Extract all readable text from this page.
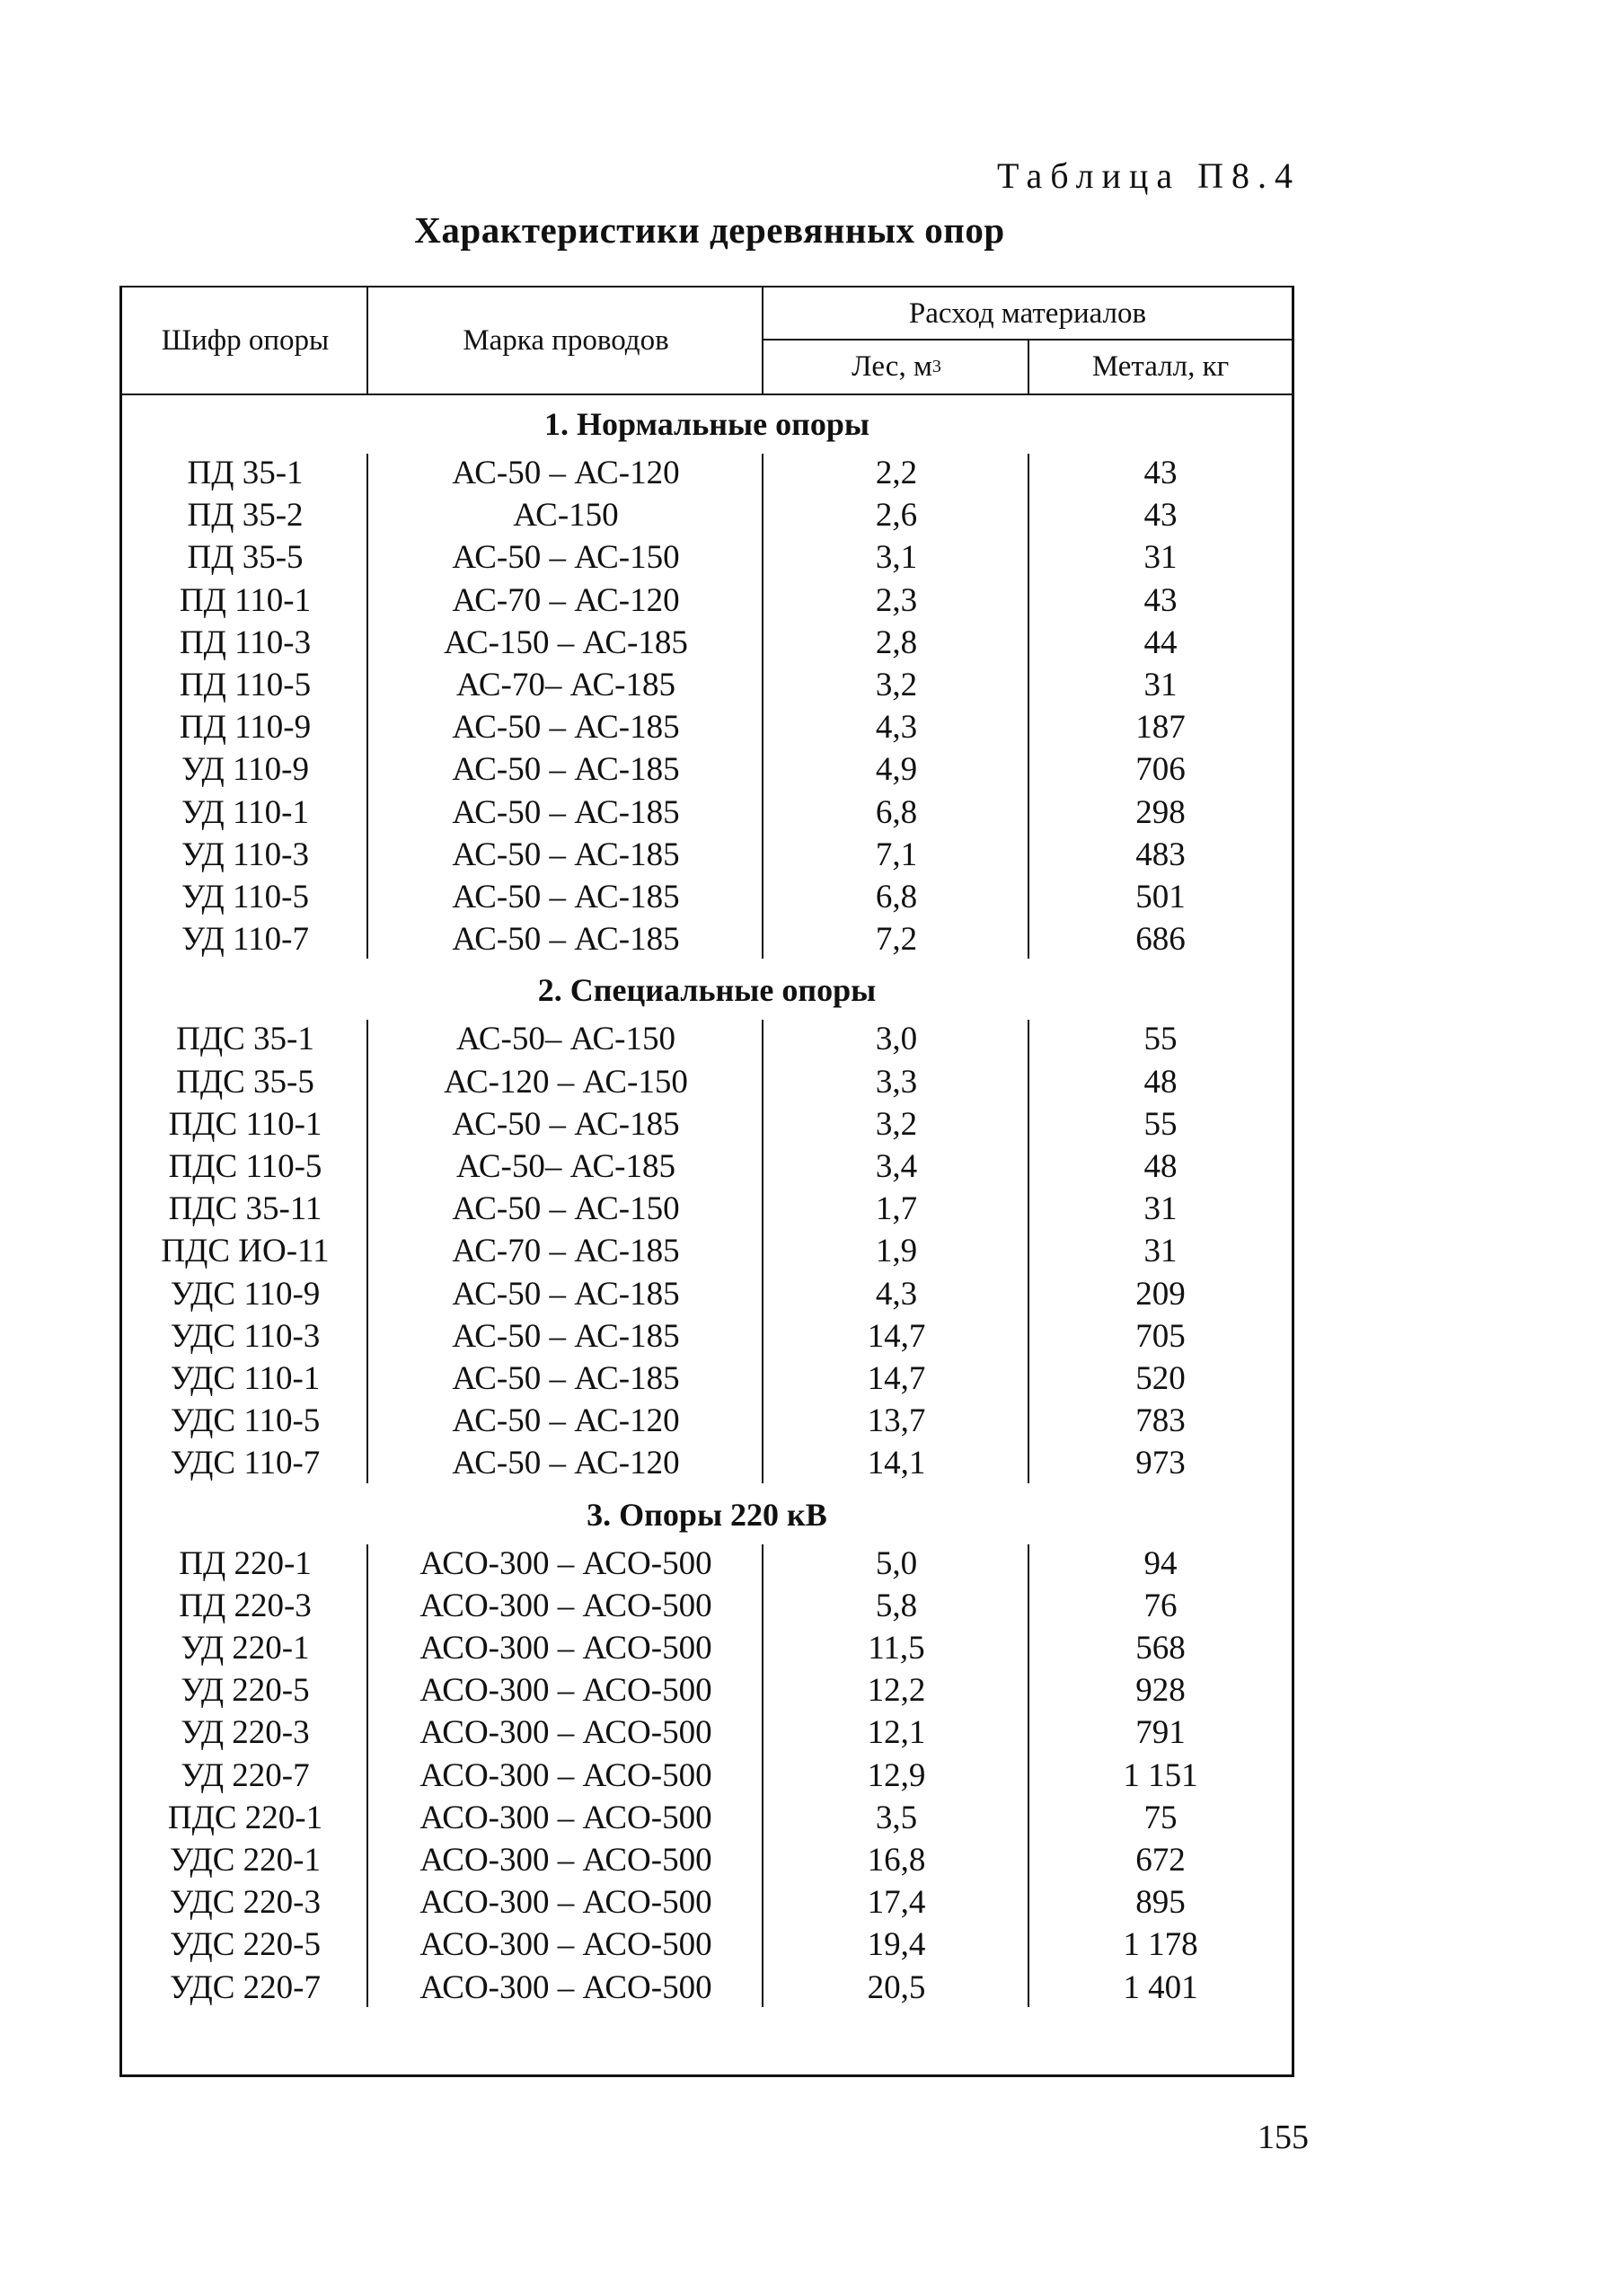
Таблица П8.4
Характеристики деревянных опор
Шифр опоры	Марка проводов
Расход материалов
Лес, м 3	Металл, кг
1. Нормальные опоры
ПД 35-1	АС-50 – АС-120	2,2	43
ПД 35-2	АС-150	2,6	43
ПД 35-5	АС-50 – АС-150	3,1	31
ПД 110-1	АС-70 – АС-120	2,3	43
ПД 110-3	АС-150 – АС-185	2,8	44
ПД 110-5	АС-70– АС-185	3,2	31
ПД 110-9	АС-50 – АС-185	4,3	187
УД 110-9	АС-50 – АС-185	4,9	706
УД 110-1	АС-50 – АС-185	6,8	298
УД 110-3	АС-50 – АС-185	7,1	483
УД 110-5	АС-50 – АС-185	6,8	501
УД 110-7	АС-50 – АС-185	7,2	686
2. Специальные опоры
ПДС 35-1	АС-50– АС-150	3,0	55
ПДС 35-5	АС-120 – АС-150	3,3	48
ПДС 110-1	АС-50 – АС-185	3,2	55
ПДС 110-5	АС-50– АС-185	3,4	48
ПДС 35-11	АС-50 – АС-150	1,7	31
ПДС ИО-11	АС-70 – АС-185	1,9	31
УДС 110-9	АС-50 – АС-185	4,3	209
УДС 110-3	АС-50 – АС-185	14,7	705
УДС 110-1	АС-50 – АС-185	14,7	520
УДС 110-5	АС-50 – АС-120	13,7	783
УДС 110-7	АС-50 – АС-120	14,1	973
3. Опоры 220 кВ
ПД 220-1	АСО-300 – АСО-500	5,0	94
ПД 220-3	АСО-300 – АСО-500	5,8	76
УД 220-1	АСО-300 – АСО-500	11,5	568
УД 220-5	АСО-300 – АСО-500	12,2	928
УД 220-3	АСО-300 – АСО-500	12,1	791
УД 220-7	АСО-300 – АСО-500	12,9	1 151
ПДС 220-1	АСО-300 – АСО-500	3,5	75
УДС 220-1	АСО-300 – АСО-500	16,8	672
УДС 220-3	АСО-300 – АСО-500	17,4	895
УДС 220-5	АСО-300 – АСО-500	19,4	1 178
УДС 220-7	АСО-300 – АСО-500	20,5	1 401
155
